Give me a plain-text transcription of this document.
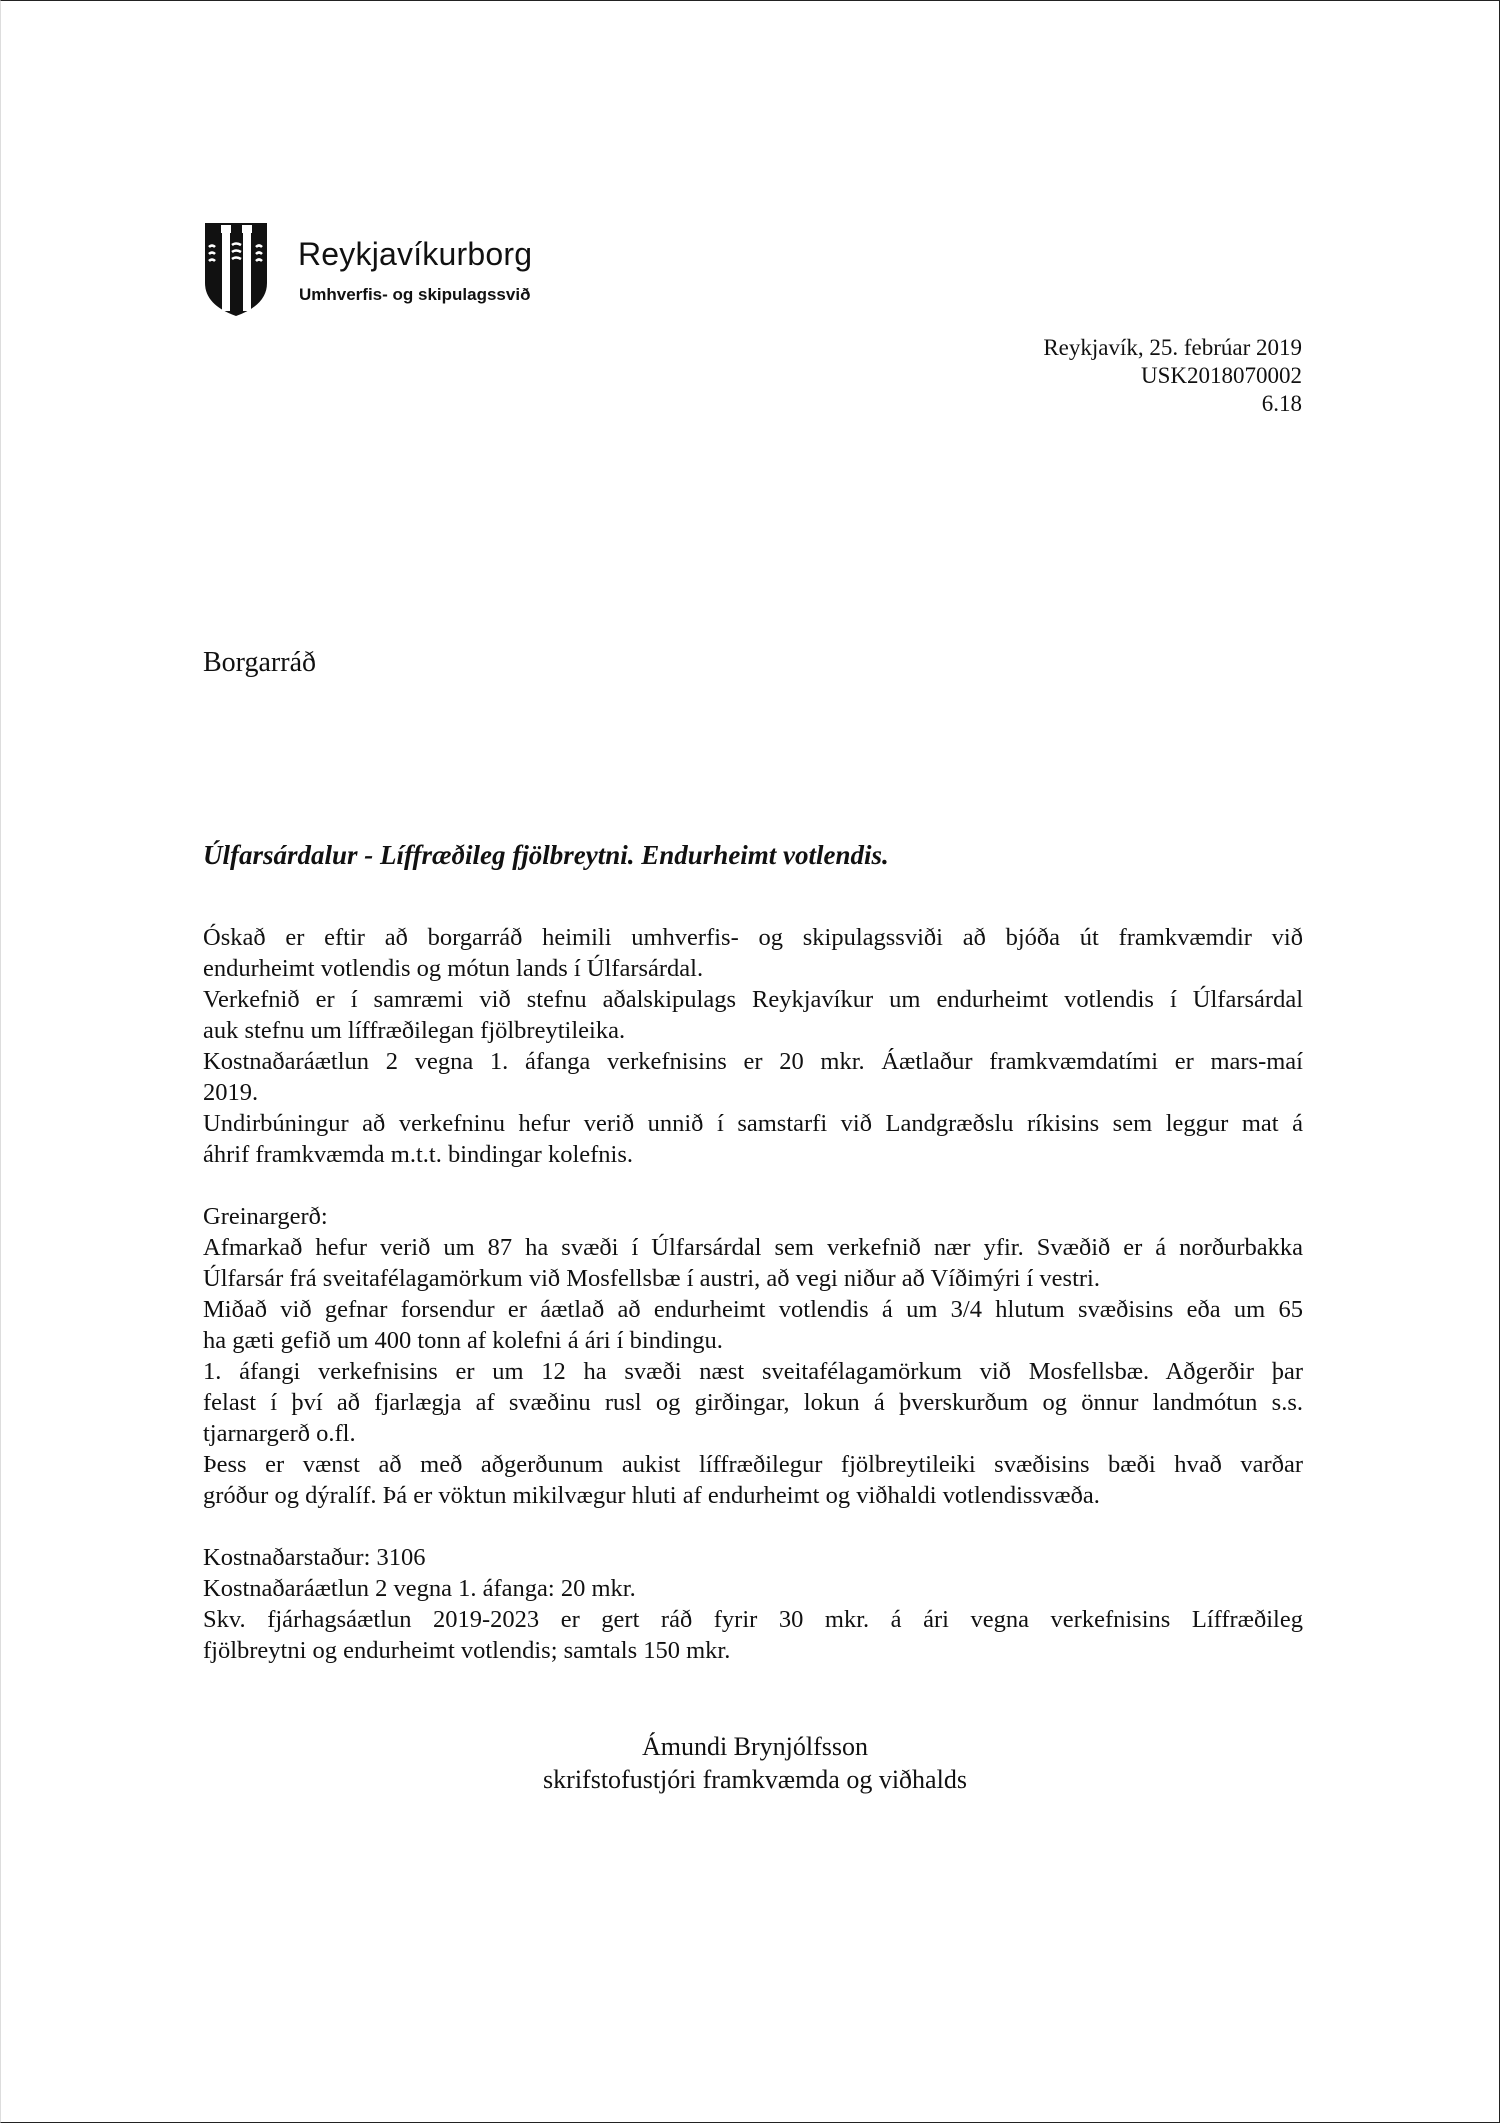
Reykjavíkurborg
Umhverfis- og skipulagssvið
Reykjavík, 25. febrúar 2019
USK2018070002
6.18
Borgarráð
Úlfarsárdalur - Líffræðileg fjölbreytni. Endurheimt votlendis.
Óskað er eftir að borgarráð heimili umhverfis- og skipulagssviði að bjóða út framkvæmdir við
endurheimt votlendis og mótun lands í Úlfarsárdal.
Verkefnið er í samræmi við stefnu aðalskipulags Reykjavíkur um endurheimt votlendis í Úlfarsárdal
auk stefnu um líffræðilegan fjölbreytileika.
Kostnaðaráætlun 2 vegna 1. áfanga verkefnisins er 20 mkr. Áætlaður framkvæmdatími er mars-maí
2019.
Undirbúningur að verkefninu hefur verið unnið í samstarfi við Landgræðslu ríkisins sem leggur mat á
áhrif framkvæmda m.t.t. bindingar kolefnis.
Greinargerð:
Afmarkað hefur verið um 87 ha svæði í Úlfarsárdal sem verkefnið nær yfir. Svæðið er á norðurbakka
Úlfarsár frá sveitafélagamörkum við Mosfellsbæ í austri, að vegi niður að Víðimýri í vestri.
Miðað við gefnar forsendur er áætlað að endurheimt votlendis á um 3/4 hlutum svæðisins eða um 65
ha gæti gefið um 400 tonn af kolefni á ári í bindingu.
1. áfangi verkefnisins er um 12 ha svæði næst sveitafélagamörkum við Mosfellsbæ. Aðgerðir þar
felast í því að fjarlægja af svæðinu rusl og girðingar, lokun á þverskurðum og önnur landmótun s.s.
tjarnargerð o.fl.
Þess er vænst að með aðgerðunum aukist líffræðilegur fjölbreytileiki svæðisins bæði hvað varðar
gróður og dýralíf. Þá er vöktun mikilvægur hluti af endurheimt og viðhaldi votlendissvæða.
Kostnaðarstaður: 3106
Kostnaðaráætlun 2 vegna 1. áfanga: 20 mkr.
Skv. fjárhagsáætlun 2019-2023 er gert ráð fyrir 30 mkr. á ári vegna verkefnisins Líffræðileg
fjölbreytni og endurheimt votlendis; samtals 150 mkr.
Ámundi Brynjólfsson
skrifstofustjóri framkvæmda og viðhalds
